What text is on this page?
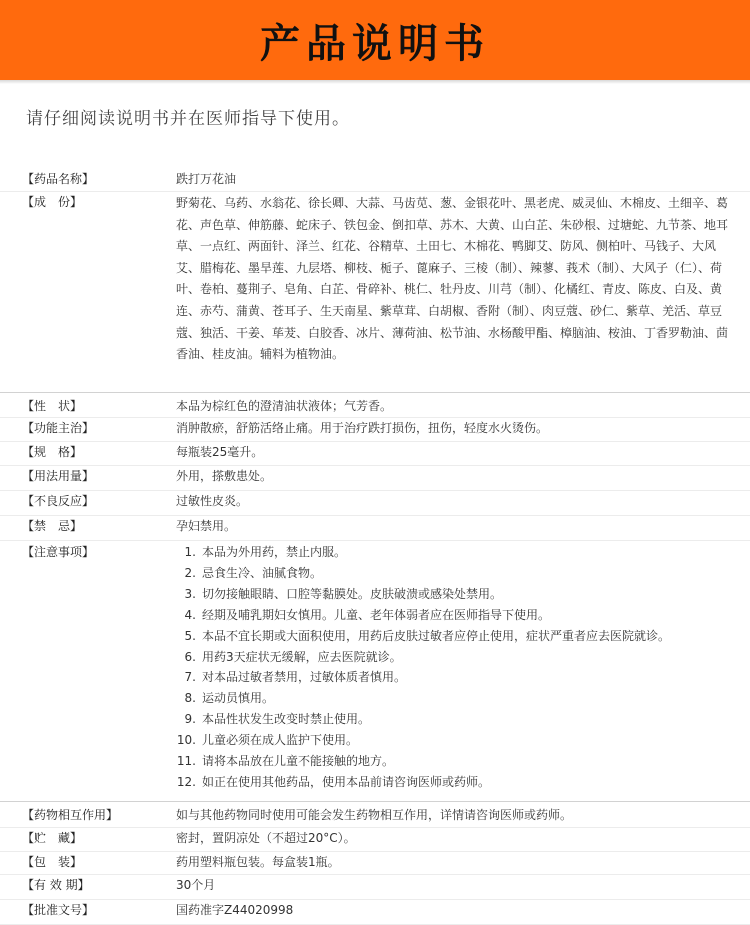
产品说明书
请仔细阅读说明书并在医师指导下使用。
【药品名称】	跌打万花油
【成　份】	野菊花、乌药、水翁花、徐长卿、大蒜、马齿苋、葱、金银花叶、黑老虎、威灵仙、木棉皮、土细辛、葛花、声色草、伸筋藤、蛇床子、铁包金、倒扣草、苏木、大黄、山白芷、朱砂根、过塘蛇、九节茶、地耳草、一点红、两面针、泽兰、红花、谷精草、土田七、木棉花、鸭脚艾、防风、侧柏叶、马钱子、大风艾、腊梅花、墨旱莲、九层塔、柳枝、栀子、蓖麻子、三棱（制）、辣蓼、莪术（制）、大风子（仁）、荷叶、卷柏、蔓荆子、皂角、白芷、骨碎补、桃仁、牡丹皮、川芎（制）、化橘红、青皮、陈皮、白及、黄连、赤芍、蒲黄、苍耳子、生天南星、紫草茸、白胡椒、香附（制）、肉豆蔻、砂仁、紫草、羌活、草豆蔻、独活、干姜、荜茇、白胶香、冰片、薄荷油、松节油、水杨酸甲酯、樟脑油、桉油、丁香罗勒油、茴香油、桂皮油。辅料为植物油。
【性　状】	本品为棕红色的澄清油状液体；气芳香。
【功能主治】	消肿散瘀，舒筋活络止痛。用于治疗跌打损伤，扭伤，轻度水火烫伤。
【规　格】	每瓶装25毫升。
【用法用量】	外用，搽敷患处。
【不良反应】	过敏性皮炎。
【禁　忌】	孕妇禁用。
【注意事项】	1. 本品为外用药，禁止内服。
2. 忌食生冷、油腻食物。
3. 切勿接触眼睛、口腔等黏膜处。皮肤破溃或感染处禁用。
4. 经期及哺乳期妇女慎用。儿童、老年体弱者应在医师指导下使用。
5. 本品不宜长期或大面积使用，用药后皮肤过敏者应停止使用，症状严重者应去医院就诊。
6. 用药3天症状无缓解，应去医院就诊。
7. 对本品过敏者禁用，过敏体质者慎用。
8. 运动员慎用。
9. 本品性状发生改变时禁止使用。
10. 儿童必须在成人监护下使用。
11. 请将本品放在儿童不能接触的地方。
12. 如正在使用其他药品，使用本品前请咨询医师或药师。
【药物相互作用】	如与其他药物同时使用可能会发生药物相互作用，详情请咨询医师或药师。
【贮　藏】	密封，置阴凉处（不超过20°C）。
【包　装】	药用塑料瓶包装。每盒装1瓶。
【有 效 期】	30个月
【批准文号】	国药准字Z44020998
